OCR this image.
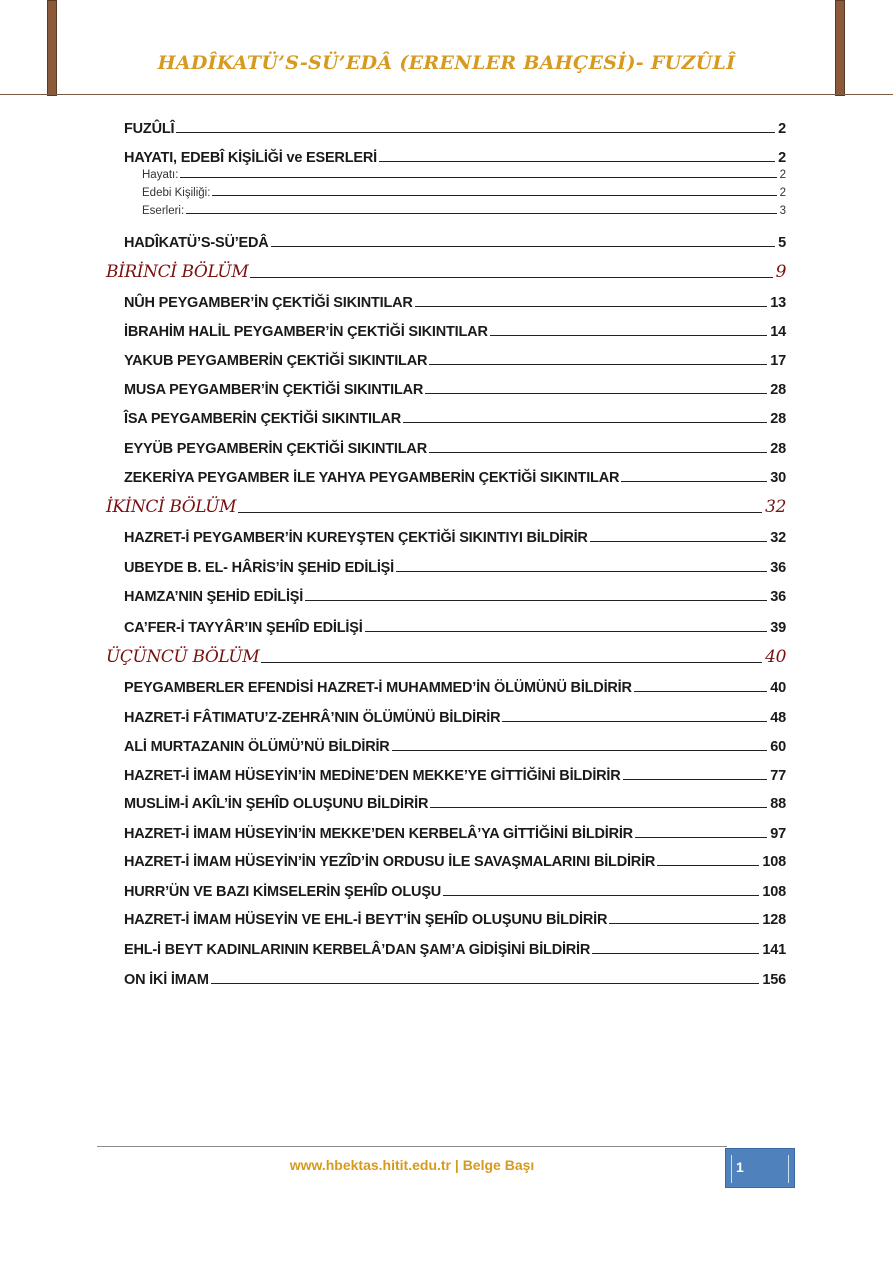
HADÎKATÜ’S-SÜ’EDÂ (ERENLER BAHÇESİ)- FUZÛLÎ
FUZÛLÎ	2
HAYATI, EDEBÎ KİŞİLİĞİ ve ESERLERİ	2
Hayatı:	2
Edebi Kişiliği:	2
Eserleri:	3
HADÎKATÜ’S-SÜ’EDÂ	5
BİRİNCİ BÖLÜM	9
NÛH PEYGAMBER’İN ÇEKTİĞİ SIKINTILAR	13
İBRAHİM HALİL PEYGAMBER’İN ÇEKTİĞİ SIKINTILAR	14
YAKUB PEYGAMBERİN ÇEKTİĞİ SIKINTILAR	17
MUSA PEYGAMBER’İN ÇEKTİĞİ SIKINTILAR	28
ÎSA PEYGAMBERİN ÇEKTİĞİ SIKINTILAR	28
EYYÜB PEYGAMBERİN ÇEKTİĞİ SIKINTILAR	28
ZEKERİYA PEYGAMBER İLE YAHYA PEYGAMBERİN ÇEKTİĞİ SIKINTILAR	30
İKİNCİ BÖLÜM	32
HAZRET-İ PEYGAMBER’İN KUREYŞTEN ÇEKTİĞİ SIKINTIYI BİLDİRİR	32
UBEYDE B. EL- HÂRİS’İN ŞEHİD EDİLİŞİ	36
HAMZA’NIN ŞEHİD EDİLİŞİ	36
CA’FER-İ TAYYÂR’IN ŞEHÎD EDİLİŞİ	39
ÜÇÜNCÜ BÖLÜM	40
PEYGAMBERLER EFENDİSİ HAZRET-İ MUHAMMED’İN ÖLÜMÜNÜ BİLDİRİR	40
HAZRET-İ FÂTIMATU’Z-ZEHRÂ’NIN ÖLÜMÜNÜ BİLDİRİR	48
ALİ MURTAZANIN ÖLÜMÜ’NÜ BİLDİRİR	60
HAZRET-İ İMAM HÜSEYİN’İN MEDİNE’DEN MEKKE’YE GİTTİĞİNİ BİLDİRİR	77
MUSLİM-İ AKÎL’İN ŞEHÎD OLUŞUNU BİLDİRİR	88
HAZRET-İ İMAM HÜSEYİN’İN MEKKE’DEN KERBELÂ’YA GİTTİĞİNİ BİLDİRİR	97
HAZRET-İ İMAM HÜSEYİN’İN YEZÎD’İN ORDUSU İLE SAVAŞMALARINI BİLDİRİR	108
HURR’ÜN VE BAZI KİMSELERİN ŞEHÎD OLUŞU	108
HAZRET-İ İMAM HÜSEYİN VE EHL-İ BEYT’İN ŞEHÎD OLUŞUNU BİLDİRİR	128
EHL-İ BEYT KADINLARININ KERBELÂ’DAN ŞAM’A GİDİŞİNİ BİLDİRİR	141
ON İKİ İMAM	156
www.hbektas.hitit.edu.tr | Belge Başı	1
